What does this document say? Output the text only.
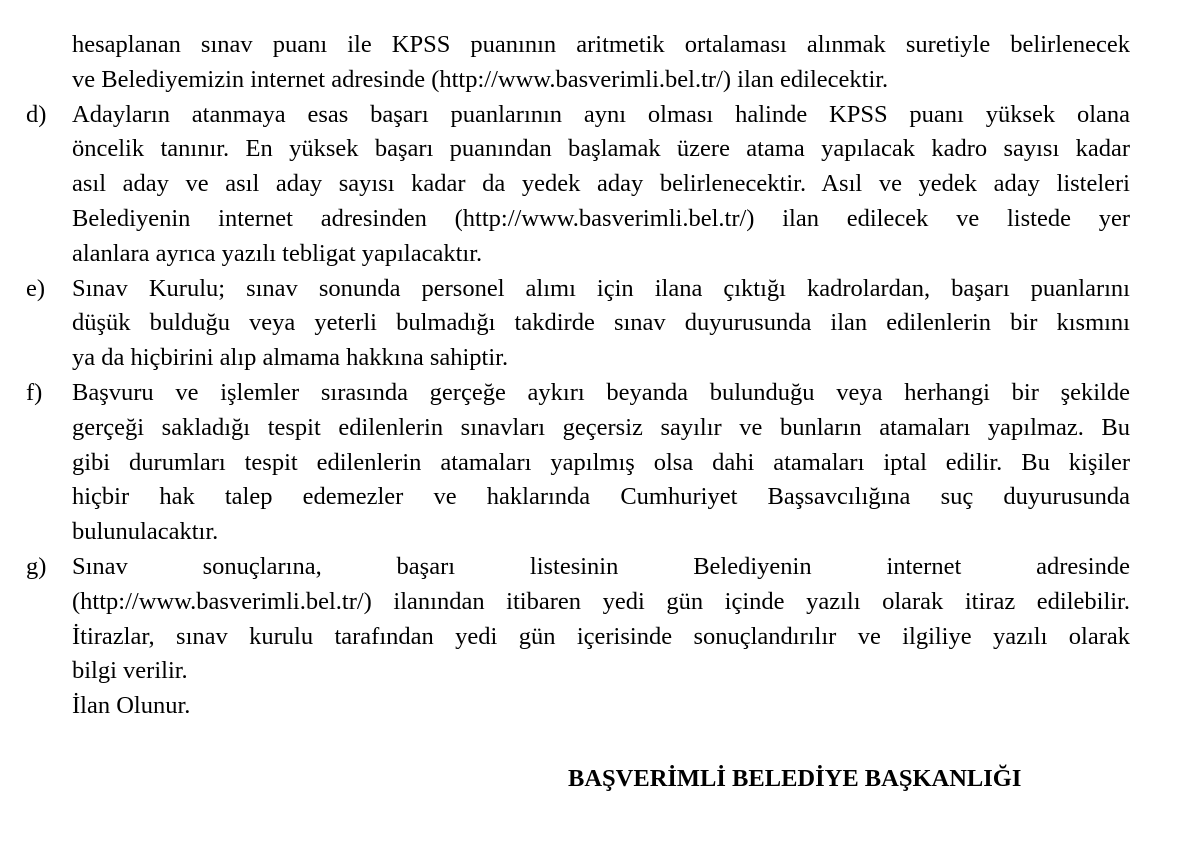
hesaplanan sınav puanı ile KPSS puanının aritmetik ortalaması alınmak suretiyle belirlenecek
ve Belediyemizin internet adresinde (http://www.basverimli.bel.tr/) ilan edilecektir.
d) Adayların atanmaya esas başarı puanlarının aynı olması halinde KPSS puanı yüksek olana
öncelik tanınır. En yüksek başarı puanından başlamak üzere atama yapılacak kadro sayısı kadar
asıl aday ve asıl aday sayısı kadar da yedek aday belirlenecektir. Asıl ve yedek aday listeleri
Belediyenin internet adresinden (http://www.basverimli.bel.tr/) ilan edilecek ve listede yer
alanlara ayrıca yazılı tebligat yapılacaktır.
e) Sınav Kurulu; sınav sonunda personel alımı için ilana çıktığı kadrolardan, başarı puanlarını
düşük bulduğu veya yeterli bulmadığı takdirde sınav duyurusunda ilan edilenlerin bir kısmını
ya da hiçbirini alıp almama hakkına sahiptir.
f) Başvuru ve işlemler sırasında gerçeğe aykırı beyanda bulunduğu veya herhangi bir şekilde
gerçeği sakladığı tespit edilenlerin sınavları geçersiz sayılır ve bunların atamaları yapılmaz. Bu
gibi durumları tespit edilenlerin atamaları yapılmış olsa dahi atamaları iptal edilir. Bu kişiler
hiçbir hak talep edemezler ve haklarında Cumhuriyet Başsavcılığına suç duyurusunda
bulunulacaktır.
g) Sınav sonuçlarına, başarı listesinin Belediyenin internet adresinde
(http://www.basverimli.bel.tr/) ilanından itibaren yedi gün içinde yazılı olarak itiraz edilebilir.
İtirazlar, sınav kurulu tarafından yedi gün içerisinde sonuçlandırılır ve ilgiliye yazılı olarak
bilgi verilir.
İlan Olunur.
BAŞVERİMLİ BELEDİYE BAŞKANLIĞI
